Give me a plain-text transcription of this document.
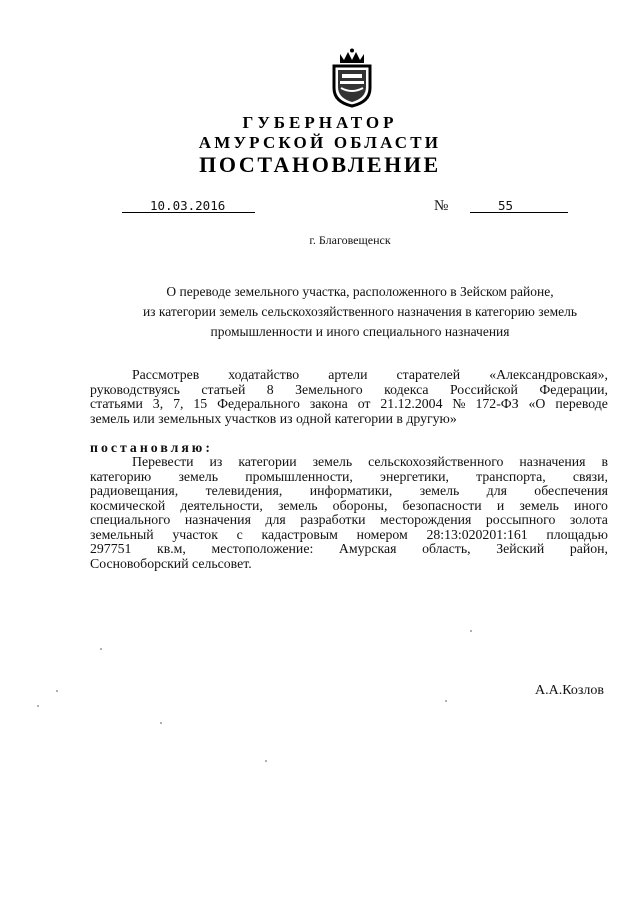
ГУБЕРНАТОР
АМУРСКОЙ ОБЛАСТИ
ПОСТАНОВЛЕНИЕ
10.03.2016	№	55
г. Благовещенск
О переводе земельного участка, расположенного в Зейском районе,
из категории земель сельскохозяйственного назначения в категорию земель
промышленности и иного специального назначения
Рассмотрев ходатайство артели старателей «Александровская»,
руководствуясь статьей 8 Земельного кодекса Российской Федерации,
статьями 3, 7, 15 Федерального закона от 21.12.2004 № 172-ФЗ «О переводе
земель или земельных участков из одной категории в другую»
постановляю:
Перевести из категории земель сельскохозяйственного назначения в
категорию земель промышленности, энергетики, транспорта, связи,
радиовещания, телевидения, информатики, земель для обеспечения
космической деятельности, земель обороны, безопасности и земель иного
специального назначения для разработки месторождения россыпного золота
земельный участок с кадастровым номером 28:13:020201:161 площадью
297751 кв.м, местоположение: Амурская область, Зейский район,
Сосновоборский сельсовет.
А.А.Козлов
